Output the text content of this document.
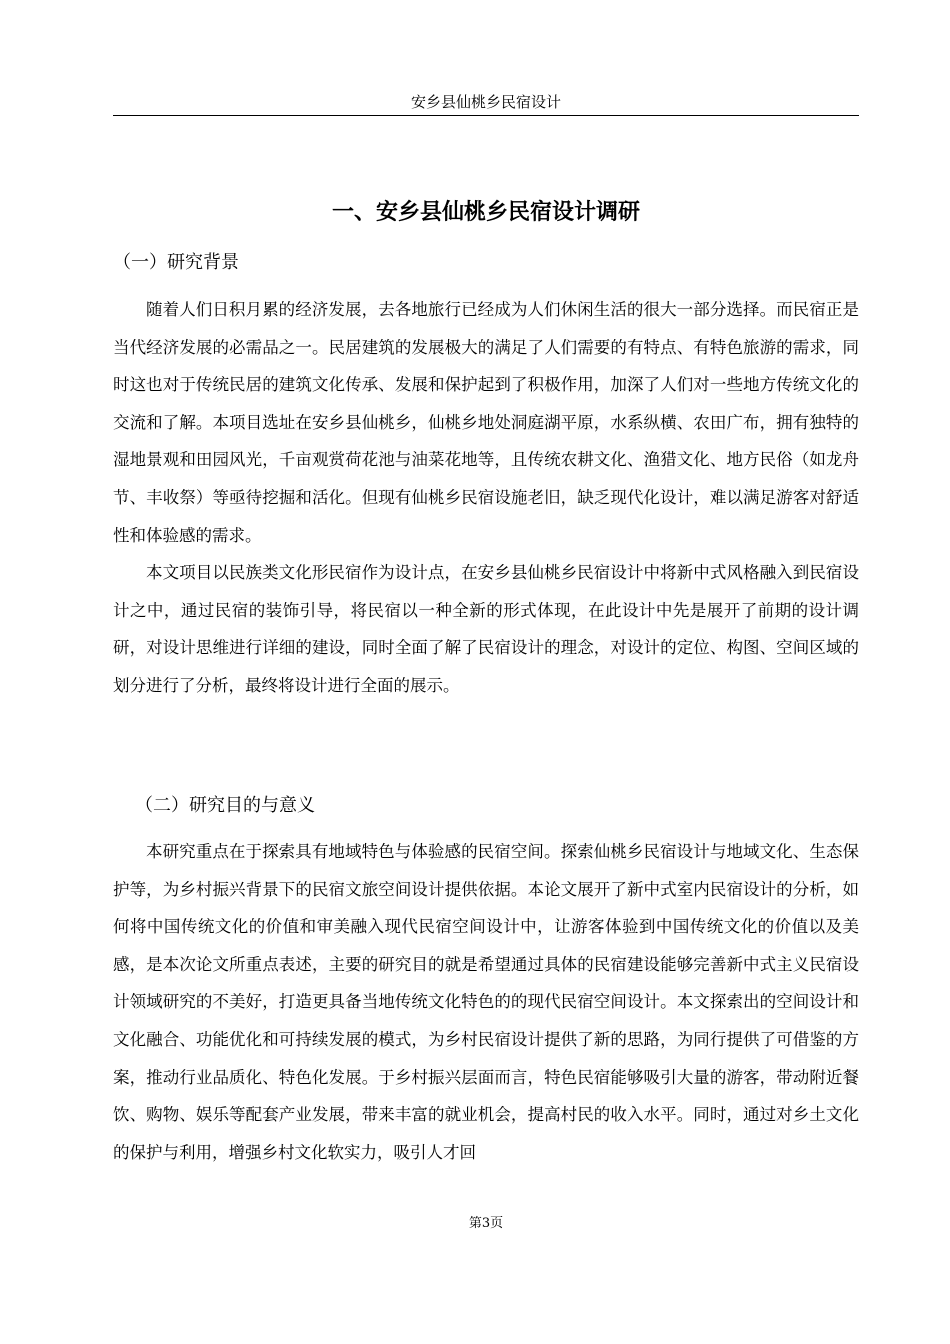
安乡县仙桃乡民宿设计
一、安乡县仙桃乡民宿设计调研
（一）研究背景

随着人们日积月累的经济发展，去各地旅行已经成为人们休闲生活的很大一部分选择。而民宿正是当代经济发展的必需品之一。民居建筑的发展极大的满足了人们需要的有特点、有特色旅游的需求，同时这也对于传统民居的建筑文化传承、发展和保护起到了积极作用，加深了人们对一些地方传统文化的交流和了解。本项目选址在安乡县仙桃乡，仙桃乡地处洞庭湖平原，水系纵横、农田广布，拥有独特的湿地景观和田园风光，千亩观赏荷花池与油菜花地等，且传统农耕文化、渔猎文化、地方民俗（如龙舟节、丰收祭）等亟待挖掘和活化。但现有仙桃乡民宿设施老旧，缺乏现代化设计，难以满足游客对舒适性和体验感的需求。

本文项目以民族类文化形民宿作为设计点，在安乡县仙桃乡民宿设计中将新中式风格融入到民宿设计之中，通过民宿的装饰引导，将民宿以一种全新的形式体现，在此设计中先是展开了前期的设计调研，对设计思维进行详细的建设，同时全面了解了民宿设计的理念，对设计的定位、构图、空间区域的划分进行了分析，最终将设计进行全面的展示。

（二）研究目的与意义

本研究重点在于探索具有地域特色与体验感的民宿空间。探索仙桃乡民宿设计与地域文化、生态保护等，为乡村振兴背景下的民宿文旅空间设计提供依据。本论文展开了新中式室内民宿设计的分析，如何将中国传统文化的价值和审美融入现代民宿空间设计中，让游客体验到中国传统文化的价值以及美感，是本次论文所重点表述，主要的研究目的就是希望通过具体的民宿建设能够完善新中式主义民宿设计领域研究的不美好，打造更具备当地传统文化特色的的现代民宿空间设计。本文探索出的空间设计和文化融合、功能优化和可持续发展的模式，为乡村民宿设计提供了新的思路，为同行提供了可借鉴的方案，推动行业品质化、特色化发展。于乡村振兴层面而言，特色民宿能够吸引大量的游客，带动附近餐饮、购物、娱乐等配套产业发展，带来丰富的就业机会，提高村民的收入水平。同时，通过对乡土文化的保护与利用，增强乡村文化软实力，吸引人才回

第3页
